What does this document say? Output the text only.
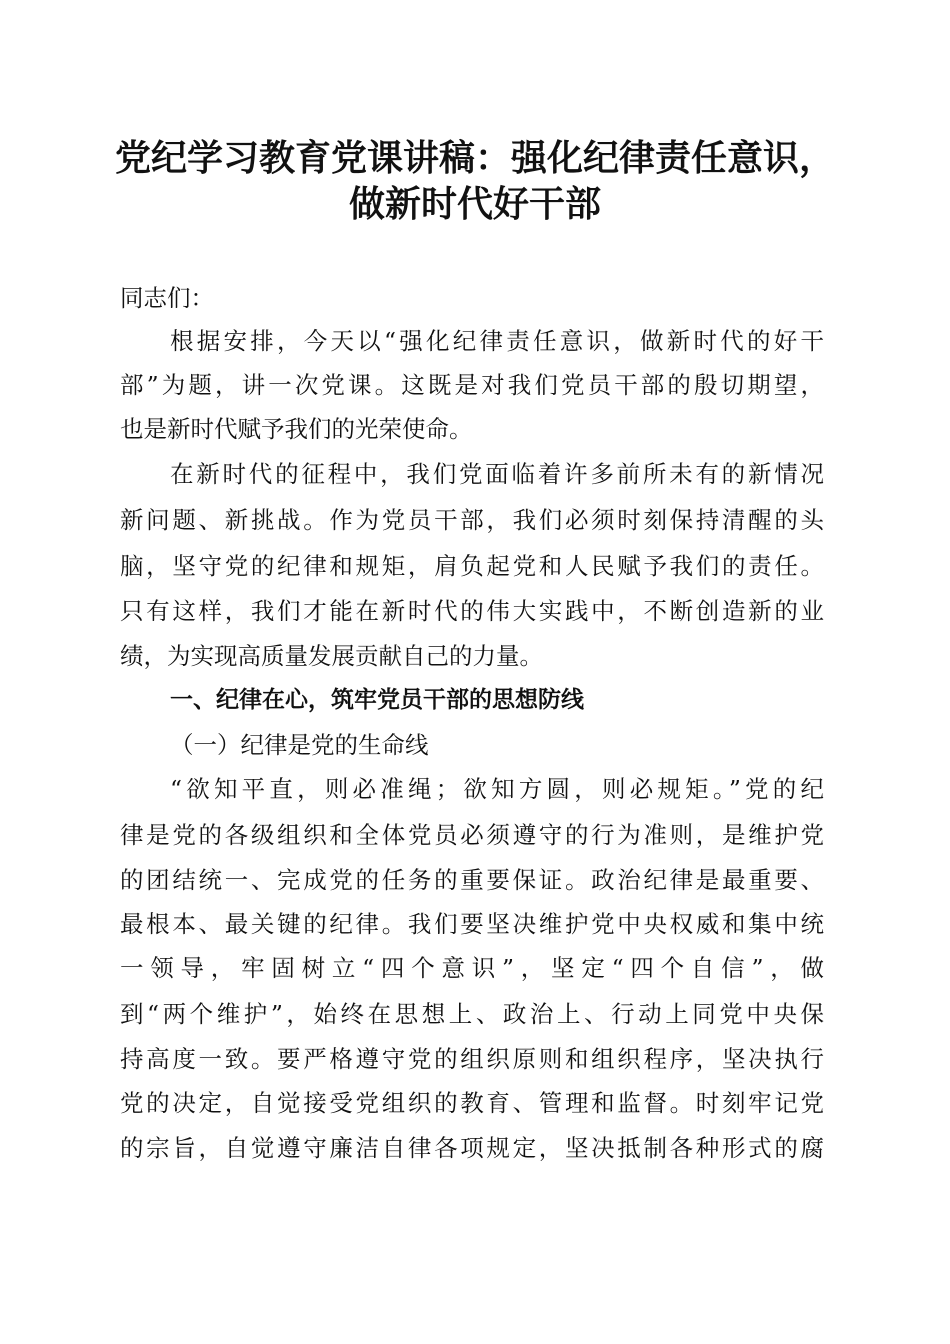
党纪学习教育党课讲稿：强化纪律责任意识，
做新时代好干部
同志们：
根据安排，今天以“强化纪律责任意识，做新时代的好干
部”为题，讲一次党课。这既是对我们党员干部的殷切期望，
也是新时代赋予我们的光荣使命。
在新时代的征程中，我们党面临着许多前所未有的新情况
新问题、新挑战。作为党员干部，我们必须时刻保持清醒的头
脑，坚守党的纪律和规矩，肩负起党和人民赋予我们的责任。
只有这样，我们才能在新时代的伟大实践中，不断创造新的业
绩，为实现高质量发展贡献自己的力量。
一、纪律在心，筑牢党员干部的思想防线
（一）纪律是党的生命线
“欲知平直，则必准绳；欲知方圆，则必规矩。”党的纪
律是党的各级组织和全体党员必须遵守的行为准则，是维护党
的团结统一、完成党的任务的重要保证。政治纪律是最重要、
最根本、最关键的纪律。我们要坚决维护党中央权威和集中统
一领导，牢固树立“四个意识”，坚定“四个自信”，做
到“两个维护”，始终在思想上、政治上、行动上同党中央保
持高度一致。要严格遵守党的组织原则和组织程序，坚决执行
党的决定，自觉接受党组织的教育、管理和监督。时刻牢记党
的宗旨，自觉遵守廉洁自律各项规定，坚决抵制各种形式的腐
